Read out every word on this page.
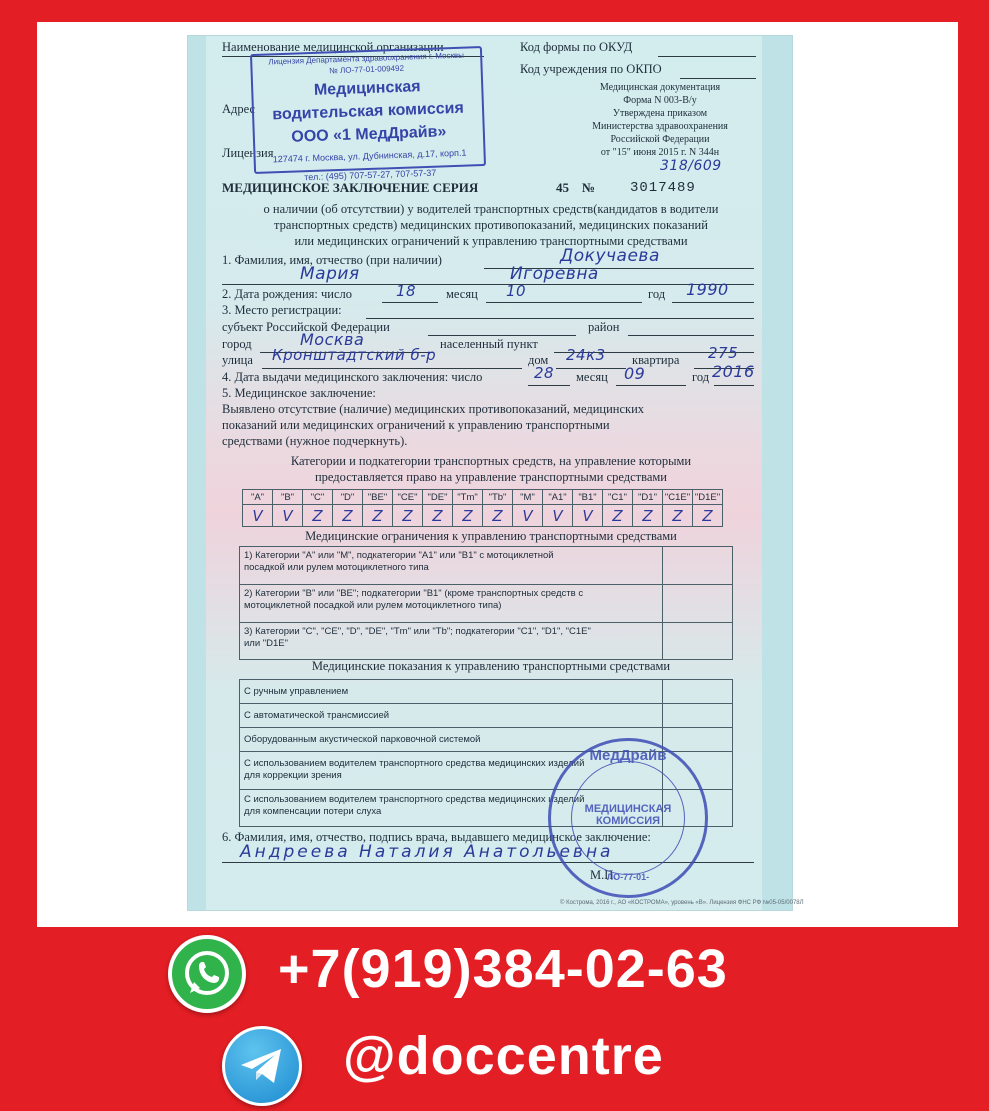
Наименование медицинской организации
Адрес
Лицензия
Код формы по ОКУД
Код учреждения по ОКПО
Медицинская документация
Форма N 003-В/у
Утверждена приказом
Министерства здравоохранения
Российской Федерации
от "15" июня 2015 г. N 344н
318/609
Лицензия Департамента здравоохранения г. Москвы
№ ЛО-77-01-009492
Медицинская
водительская комиссия
ООО «1 МедДрайв»
127474 г. Москва, ул. Дубнинская, д.17, корп.1
тел.: (495) 707-57-27, 707-57-37
МЕДИЦИНСКОЕ ЗАКЛЮЧЕНИЕ СЕРИЯ	45 № 3017489
о наличии (об отсутствии) у водителей транспортных средств(кандидатов в водители
транспортных средств) медицинских противопоказаний, медицинских показаний
или медицинских ограничений к управлению транспортными средствами
1. Фамилия, имя, отчество (при наличии)	Докучаева
Мария	Игоревна
2. Дата рождения: число	18 месяц 10	год 1990
3. Место регистрации:
субъект Российской Федерации	район
город	Москва	населенный пункт
улица Кронштадтский б-р	дом 24к3 квартира 275
4. Дата выдачи медицинского заключения: число	28 месяц 09	год 2016
5. Медицинское заключение:
Выявлено отсутствие (наличие) медицинских противопоказаний, медицинских
показаний или медицинских ограничений к управлению транспортными
средствами (нужное подчеркнуть).
Категории и подкатегории транспортных средств, на управление которыми
предоставляется право на управление транспортными средствами
"A"	"B"	"C"	"D"	"BE"	"CE"	"DE"	"Tm"	"Tb"	"M"	"A1"	"B1"	"C1"	"D1"	"C1E"	"D1E"
V	V	Z	Z	Z	Z	Z	Z	Z	V	V	V	Z	Z	Z	Z
Медицинские ограничения к управлению транспортными средствами
1) Категории "A" или "M", подкатегории "A1" или "B1" с мотоциклетной
посадкой или рулем мотоциклетного типа
2) Категории "B" или "BE"; подкатегории "B1" (кроме транспортных средств с
мотоциклетной посадкой или рулем мотоциклетного типа)
3) Категории "C", "CE", "D", "DE", "Tm" или "Tb"; подкатегории "C1", "D1", "C1E"
или "D1E"
Медицинские показания к управлению транспортными средствами
С ручным управлением
С автоматической трансмиссией
Оборудованным акустической парковочной системой
С использованием водителем транспортного средства медицинских изделий
для коррекции зрения
С использованием водителем транспортного средства медицинских изделий
для компенсации потери слуха
6. Фамилия, имя, отчество, подпись врача, выдавшего медицинское заключение:
Андреева Наталия Анатольевна
М.П.
© Кострома, 2016 г., АО «КОСТРОМА», уровень «В». Лицензия ФНС РФ №05-05/0078Л
МедДрайв
МЕДИЦИНСКАЯ
КОМИССИЯ
ЛО-77-01-
+7(919)384-02-63
@doccentre
